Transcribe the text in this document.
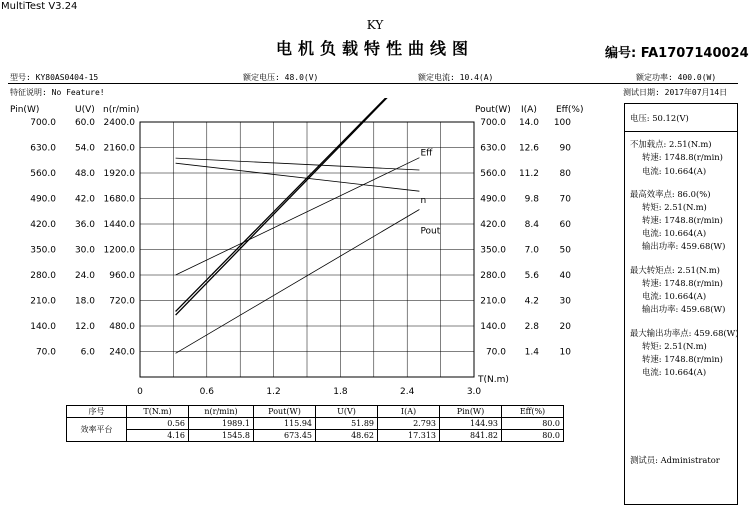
MultiTest V3.24
KY
电机负载特性曲线图	编号: FA1707140024
型号: KY80AS0404-15	额定电压: 48.0(V)	额定电流: 10.4(A)	额定功率: 400.0(W)
特征说明: No Feature!	测试日期: 2017年07月14日
70.0
140.0
210.0
280.0
350.0
420.0
490.0
560.0
630.0
700.0
6.0
12.0
18.0
24.0
30.0
36.0
42.0
48.0
54.0
60.0
240.0
480.0
720.0
960.0
1200.0
1440.0
1680.0
1920.0
2160.0
2400.0
70.0
140.0
210.0
280.0
350.0
420.0
490.0
560.0
630.0
700.0
1.4
2.8
4.2
5.6
7.0
8.4
9.8
11.2
12.6
14.0
10
20
30
40
50
60
70
80
90
100
0	0.6	1.2	1.8	2.4	3.0
Eff
n
Pout
Pin(W)	U(V) n(r/min)	Pout(W) I(A) Eff(%)
T(N.m)
电压: 50.12(V)
不加载点: 2.51(N.m)
转速: 1748.8(r/min)
电流: 10.664(A)
最高效率点: 86.0(%)
转矩: 2.51(N.m)
转速: 1748.8(r/min)
电流: 10.664(A)
输出功率: 459.68(W)
最大转矩点: 2.51(N.m)
转速: 1748.8(r/min)
电流: 10.664(A)
输出功率: 459.68(W)
最大输出功率点: 459.68(W)
转矩: 2.51(N.m)
转速: 1748.8(r/min)
电流: 10.664(A)
测试员: Administrator
序号	T(N.m)	n(r/min)	Pout(W)	U(V)	I(A)	Pin(W)	Eff(%)
效率平台	0.56	1989.1	115.94	51.89	2.793	144.93	80.0
	4.16	1545.8	673.45	48.62	17.313	841.82	80.0
